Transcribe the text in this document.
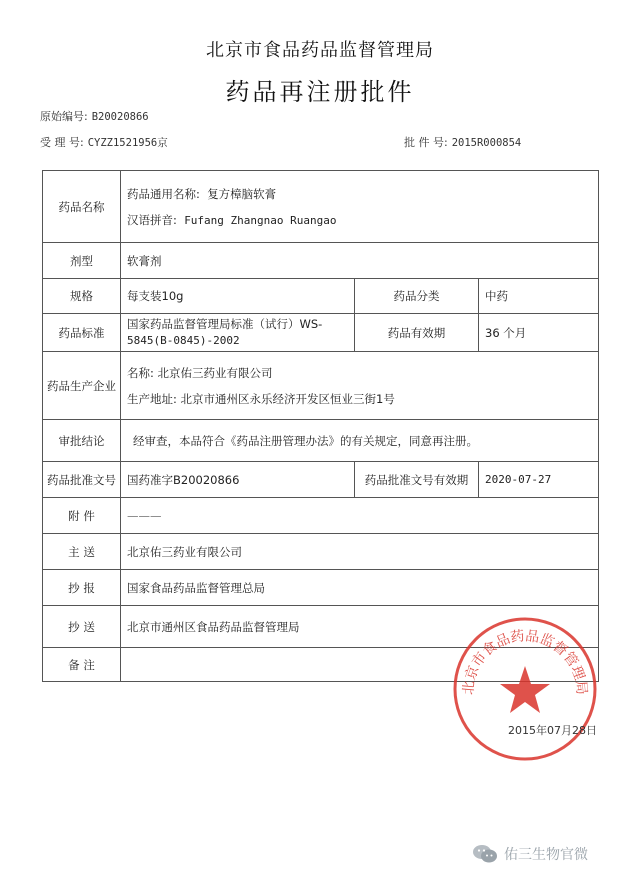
北京市食品药品监督管理局
药品再注册批件
原始编号: B20020866
受 理 号: CYZZ1521956京	批 件 号: 2015R000854
药品名称	药品通用名称: 复方樟脑软膏
汉语拼音: Fufang Zhangnao Ruangao		

剂型	软膏剂		
规格	每支装10g	药品分类	中药
药品标准	国家药品监督管理局标准（试行）WS-
5845(B-0845)-2002	药品有效期	36 个月
药品生产企业	名称: 北京佑三药业有限公司
生产地址: 北京市通州区永乐经济开发区恒业三街1号		
审批结论	经审查，本品符合《药品注册管理办法》的有关规定，同意再注册。		
药品批准文号	国药准字B20020866	药品批准文号有效期	2020-07-27
附 件	———		
主 送	北京佑三药业有限公司		
抄 报	国家食品药品监督管理总局		
抄 送	北京市通州区食品药品监督管理局		
备 注			
北京市食品药品监督管理局
2015年07月28日
佑三生物官微
